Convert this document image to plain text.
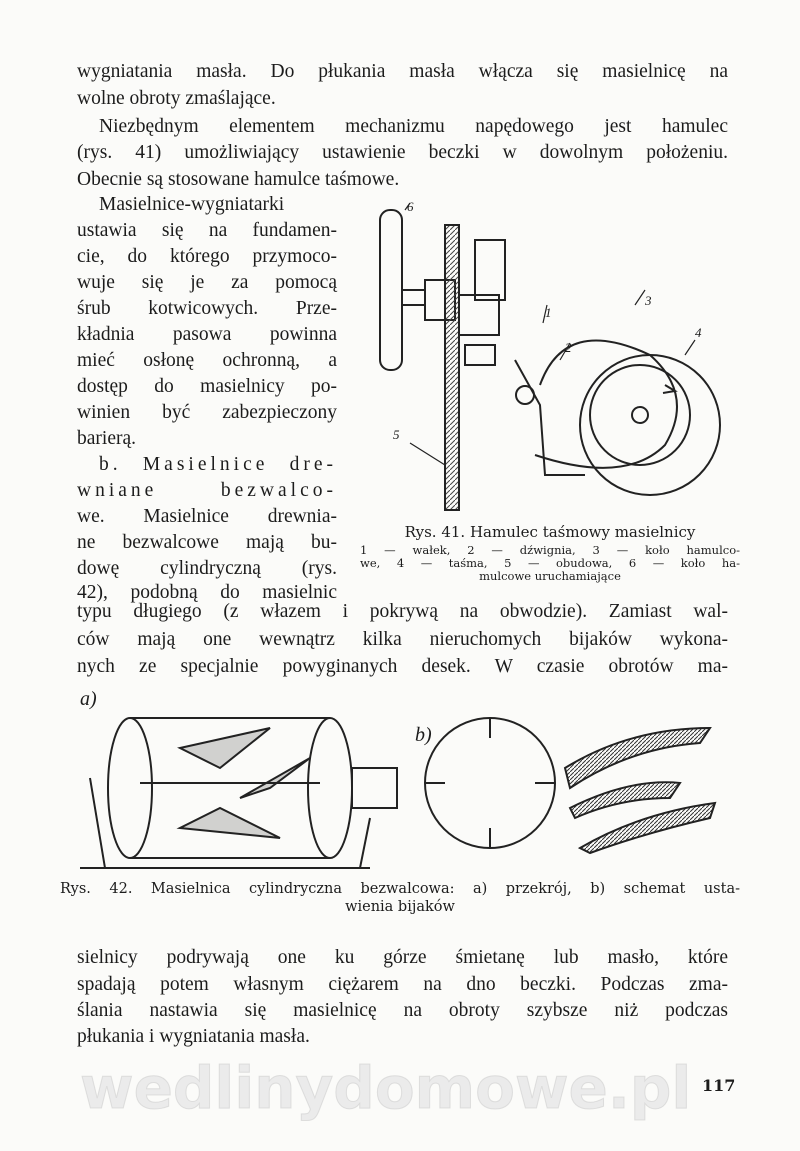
wygniatania masła. Do płukania masła włącza się masielnicę na
wolne obroty zmaślające.
Niezbędnym elementem mechanizmu napędowego jest hamulec
(rys. 41) umożliwiający ustawienie beczki w dowolnym położeniu.
Obecnie są stosowane hamulce taśmowe.
Masielnice-wygniatarki
ustawia się na fundamen-
cie, do którego przymoco-
wuje się je za pomocą
śrub kotwicowych. Prze-
kładnia pasowa powinna
mieć osłonę ochronną, a
dostęp do masielnicy po-
winien być zabezpieczony
barierą.
b. Masielnice dre-
wniane bezwalco-
we. Masielnice drewnia-
ne bezwalcowe mają bu-
dowę cylindryczną (rys.
42), podobną do masielnic
6
1
2
3
4
5
Rys. 41. Hamulec taśmowy masielnicy
1 — wałek, 2 — dźwignia, 3 — koło hamulco-
we, 4 — taśma, 5 — obudowa, 6 — koło ha-
mulcowe uruchamiające
typu długiego (z włazem i pokrywą na obwodzie). Zamiast wal-
ców mają one wewnątrz kilka nieruchomych bijaków wykona-
nych ze specjalnie powyginanych desek. W czasie obrotów ma-
a)
b)
Rys. 42. Masielnica cylindryczna bezwalcowa: a) przekrój, b) schemat usta-
wienia bijaków
sielnicy podrywają one ku górze śmietanę lub masło, które
spadają potem własnym ciężarem na dno beczki. Podczas zma-
ślania nastawia się masielnicę na obroty szybsze niż podczas
płukania i wygniatania masła.
wedlinydomowe.pl 117
